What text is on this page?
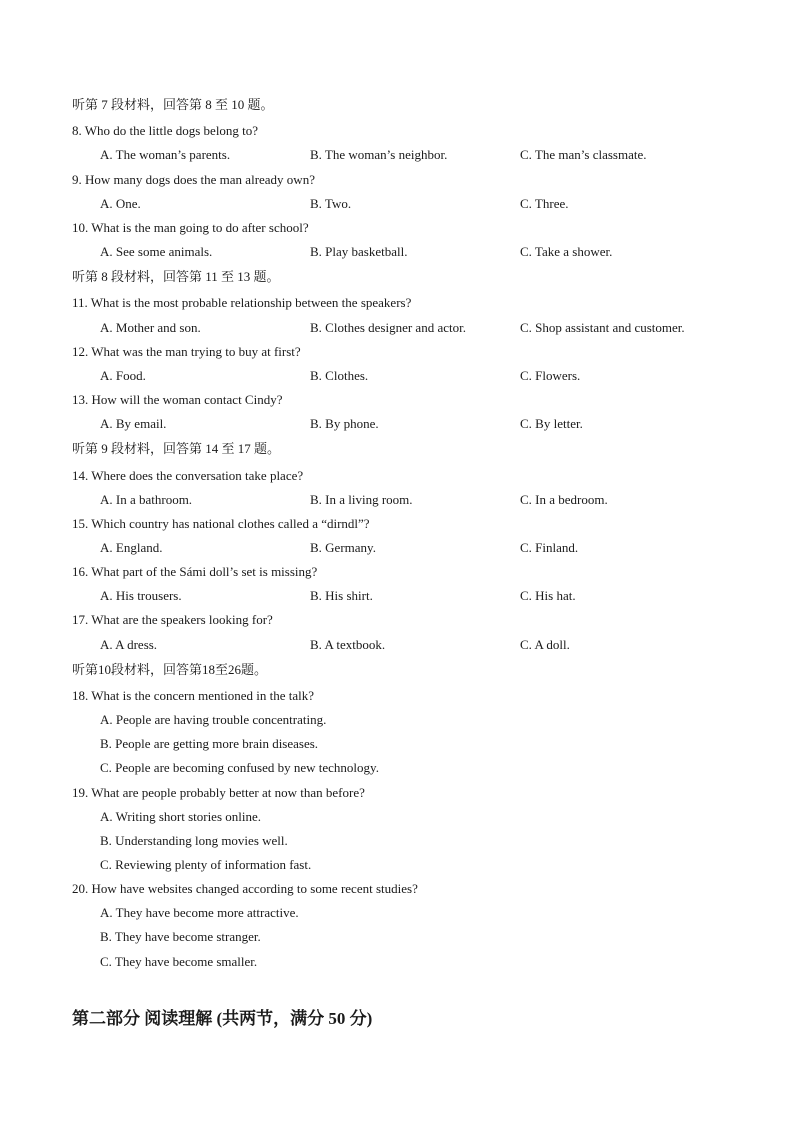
听第 7 段材料，回答第 8 至 10 题。
8. Who do the little dogs belong to?
A. The woman’s parents.	B. The woman’s neighbor.	C. The man’s classmate.
9. How many dogs does the man already own?
A. One.	B. Two.	C. Three.
10. What is the man going to do after school?
A. See some animals.	B. Play basketball.	C. Take a shower.
听第 8 段材料，回答第 11 至 13 题。
11. What is the most probable relationship between the speakers?
A. Mother and son.	B. Clothes designer and actor.	C. Shop assistant and customer.
12. What was the man trying to buy at first?
A. Food.	B. Clothes.	C. Flowers.
13. How will the woman contact Cindy?
A. By email.	B. By phone.	C. By letter.
听第 9 段材料，回答第 14 至 17 题。
14. Where does the conversation take place?
A. In a bathroom.	B. In a living room.	C. In a bedroom.
15. Which country has national clothes called a “dirndl”?
A. England.	B. Germany.	C. Finland.
16. What part of the Sámi doll’s set is missing?
A. His trousers.	B. His shirt.	C. His hat.
17. What are the speakers looking for?
A. A dress.	B. A textbook.	C. A doll.
听第10段材料，回答第18至26题。
18. What is the concern mentioned in the talk?
A. People are having trouble concentrating.
B. People are getting more brain diseases.
C. People are becoming confused by new technology.
19. What are people probably better at now than before?
A. Writing short stories online.
B. Understanding long movies well.
C. Reviewing plenty of information fast.
20. How have websites changed according to some recent studies?
A. They have become more attractive.
B. They have become stranger.
C. They have become smaller.
第二部分 阅读理解 (共两节，满分 50 分)
